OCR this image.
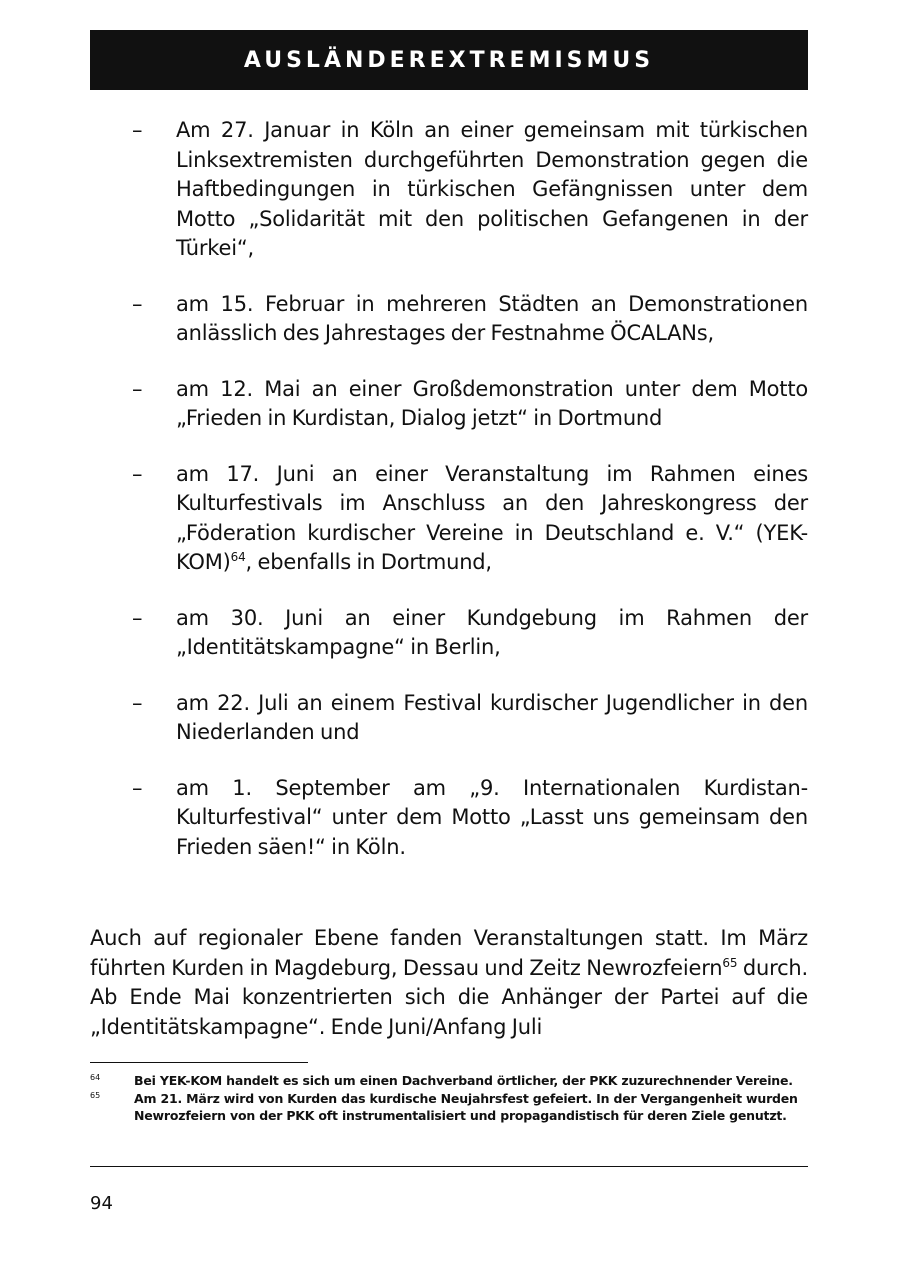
AUSLÄNDEREXTREMISMUS
–	Am 27. Januar in Köln an einer gemeinsam mit türkischen Linksextremisten durchgeführten Demonstration gegen die Haftbedingungen in türkischen Gefängnissen unter dem Motto „Solidarität mit den politischen Gefangenen in der Türkei“,
–	am 15. Februar in mehreren Städten an Demonstrationen anlässlich des Jahrestages der Festnahme ÖCALANs,
–	am 12. Mai an einer Großdemonstration unter dem Motto „Frieden in Kurdistan, Dialog jetzt“ in Dortmund
–	am 17. Juni an einer Veranstaltung im Rahmen eines Kulturfestivals im Anschluss an den Jahreskongress der „Föderation kurdischer Vereine in Deutschland e. V.“ $(YEK-KOM)^{64}$, ebenfalls in Dortmund,
–	am 30. Juni an einer Kundgebung im Rahmen der „Identitätskampagne“ in Berlin,
–	am 22. Juli an einem Festival kurdischer Jugendlicher in den Niederlanden und
–	am 1. September am „9. Internationalen Kurdistan-Kulturfestival“ unter dem Motto „Lasst uns gemeinsam den Frieden säen!“ in Köln.

Auch auf regionaler Ebene fanden Veranstaltungen statt. Im März führten Kurden in Magdeburg, Dessau und Zeitz Newrozfeiern$^{65}$ durch. Ab Ende Mai konzentrierten sich die Anhänger der Partei auf die „Identitätskampagne“. Ende Juni/Anfang Juli

64	Bei YEK-KOM handelt es sich um einen Dachverband örtlicher, der PKK zuzurechnender Vereine.
65	Am 21. März wird von Kurden das kurdische Neujahrsfest gefeiert. In der Vergangenheit wurden Newrozfeiern von der PKK oft instrumentalisiert und propagandistisch für deren Ziele genutzt.
94
